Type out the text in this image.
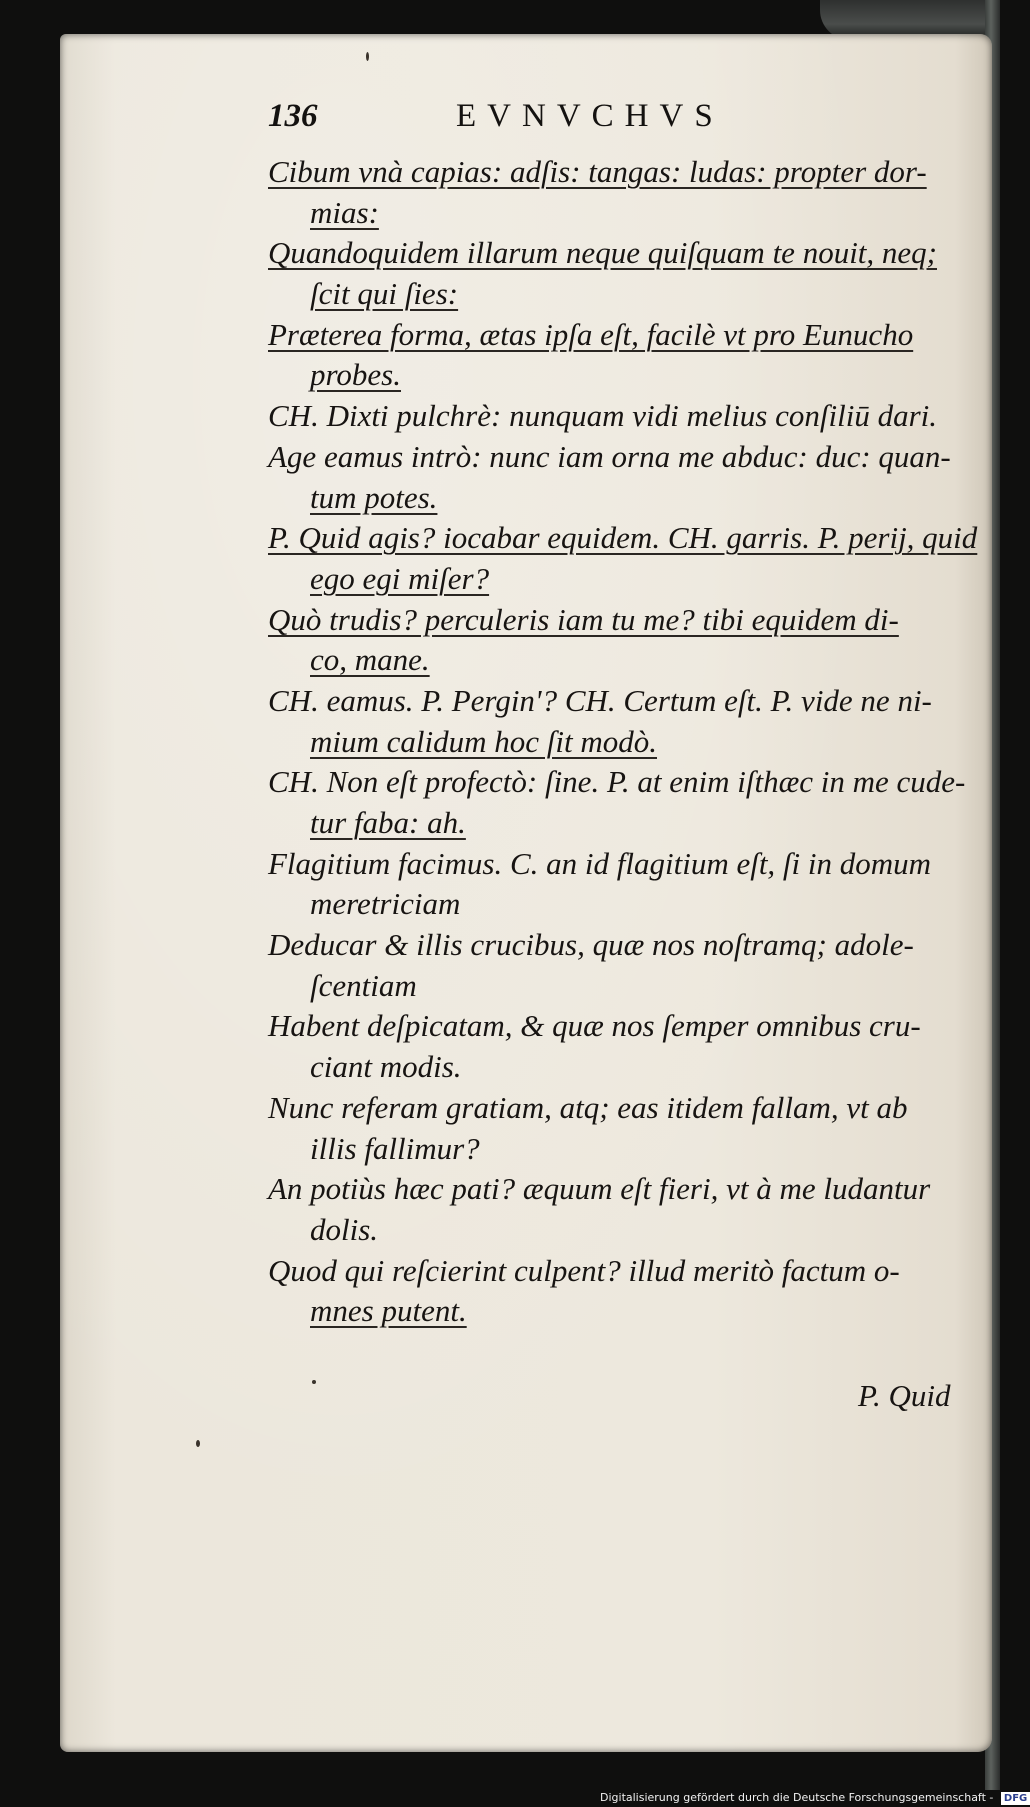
136	EVNVCHVS
Cibum vnà capias: adſis: tangas: ludas: propter dor-
mias:
Quandoquidem illarum neque quiſquam te nouit, neq;
ſcit qui ſies:
Præterea forma, ætas ipſa eſt, facilè vt pro Eunucho
probes.
CH. Dixti pulchrè: nunquam vidi melius conſiliū dari.
Age eamus intrò: nunc iam orna me abduc: duc: quan-
tum potes.
P. Quid agis? iocabar equidem. CH. garris. P. perij, quid
ego egi miſer?
Quò trudis? perculeris iam tu me? tibi equidem di-
co, mane.
CH. eamus. P. Pergin'? CH. Certum eſt. P. vide ne ni-
mium calidum hoc ſit modò.
CH. Non eſt profectò: ſine. P. at enim iſthæc in me cude-
tur faba: ah.
Flagitium facimus. C. an id flagitium eſt, ſi in domum
meretriciam
Deducar & illis crucibus, quæ nos noſtramq; adole-
ſcentiam
Habent deſpicatam, & quæ nos ſemper omnibus cru-
ciant modis.
Nunc referam gratiam, atq; eas itidem fallam, vt ab
illis fallimur?
An potiùs hæc pati? æquum eſt fieri, vt à me ludantur
dolis.
Quod qui reſcierint culpent? illud meritò factum o-
mnes putent.
P. Quid
Digitalisierung gefördert durch die Deutsche Forschungsgemeinschaft - DFG
